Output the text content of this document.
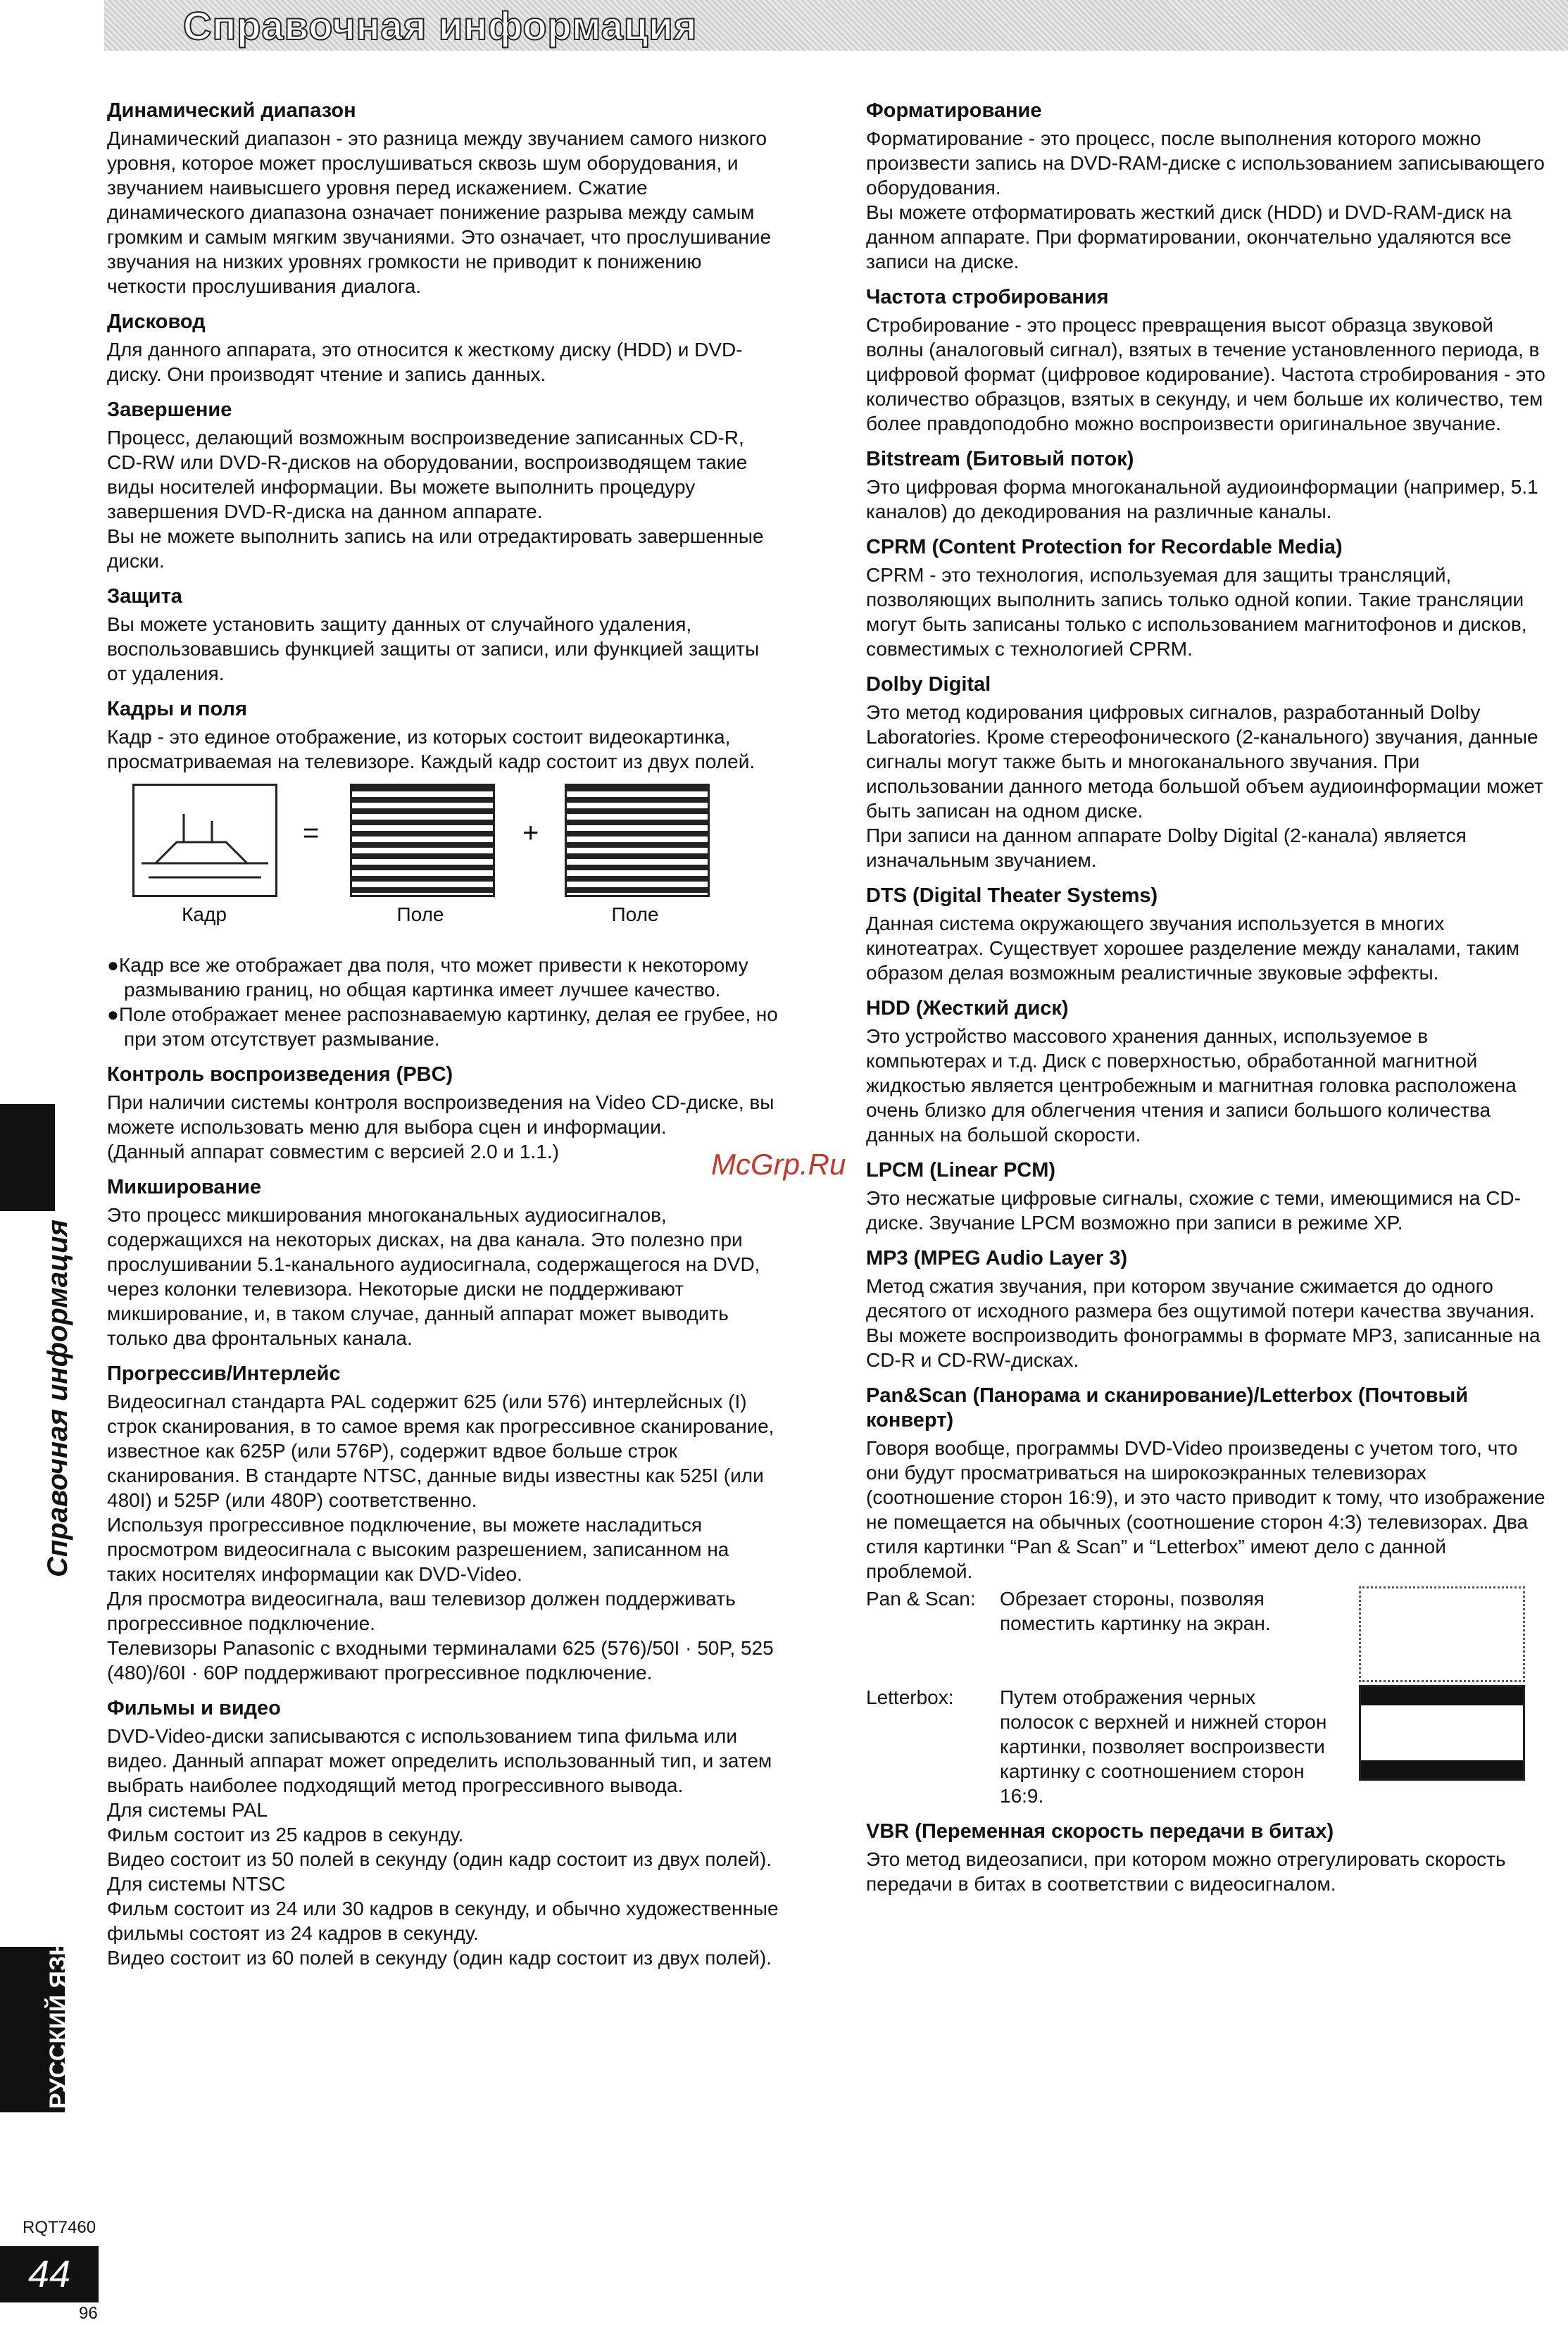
Справочная информация
Справочная информация
РУССКИЙ ЯЗЫК
RQT7460
44
96
McGrp.Ru
Динамический диапазон

Динамический диапазон - это разница между звучанием самого низкого уровня, которое может прослушиваться сквозь шум оборудования, и звучанием наивысшего уровня перед искажением. Сжатие динамического диапазона означает понижение разрыва между самым громким и самым мягким звучаниями. Это означает, что прослушивание звучания на низких уровнях громкости не приводит к понижению четкости прослушивания диалога.

Дисковод

Для данного аппарата, это относится к жесткому диску (HDD) и DVD-диску. Они производят чтение и запись данных.

Завершение

Процесс, делающий возможным воспроизведение записанных CD-R, CD-RW или DVD-R-дисков на оборудовании, воспроизводящем такие виды носителей информации. Вы можете выполнить процедуру завершения DVD-R-диска на данном аппарате.
Вы не можете выполнить запись на или отредактировать завершенные диски.

Защита

Вы можете установить защиту данных от случайного удаления, воспользовавшись функцией защиты от записи, или функцией защиты от удаления.

Кадры и поля

Кадр - это единое отображение, из которых состоит видеокартинка, просматриваемая на телевизоре. Каждый кадр состоит из двух полей.

=	+
Кадр	Поле	Поле
●Кадр все же отображает два поля, что может привести к некоторому размыванию границ, но общая картинка имеет лучшее качество.
●Поле отображает менее распознаваемую картинку, делая ее грубее, но при этом отсутствует размывание.
Контроль воспроизведения (PBC)

При наличии системы контроля воспроизведения на Video CD-диске, вы можете использовать меню для выбора сцен и информации.
(Данный аппарат совместим с версией 2.0 и 1.1.)

Микширование

Это процесс микширования многоканальных аудиосигналов, содержащихся на некоторых дисках, на два канала. Это полезно при прослушивании 5.1-канального аудиосигнала, содержащегося на DVD, через колонки телевизора. Некоторые диски не поддерживают микширование, и, в таком случае, данный аппарат может выводить только два фронтальных канала.

Прогрессив/Интерлейс

Видеосигнал стандарта PAL содержит 625 (или 576) интерлейсных (I) строк сканирования, в то самое время как прогрессивное сканирование, известное как 625P (или 576P), содержит вдвое больше строк сканирования. В стандарте NTSC, данные виды известны как 525I (или 480I) и 525P (или 480P) соответственно.
Используя прогрессивное подключение, вы можете насладиться просмотром видеосигнала с высоким разрешением, записанном на таких носителях информации как DVD-Video.
Для просмотра видеосигнала, ваш телевизор должен поддерживать прогрессивное подключение.
Телевизоры Panasonic с входными терминалами 625 (576)/50I · 50P, 525 (480)/60I · 60P поддерживают прогрессивное подключение.

Фильмы и видео

DVD-Video-диски записываются с использованием типа фильма или видео. Данный аппарат может определить использованный тип, и затем выбрать наиболее подходящий метод прогрессивного вывода.
Для системы PAL
Фильм состоит из 25 кадров в секунду.
Видео состоит из 50 полей в секунду (один кадр состоит из двух полей).
Для системы NTSC
Фильм состоит из 24 или 30 кадров в секунду, и обычно художественные фильмы состоят из 24 кадров в секунду.
Видео состоит из 60 полей в секунду (один кадр состоит из двух полей).

Форматирование

Форматирование - это процесс, после выполнения которого можно произвести запись на DVD-RAM-диске с использованием записывающего оборудования.
Вы можете отформатировать жесткий диск (HDD) и DVD-RAM-диск на данном аппарате. При форматировании, окончательно удаляются все записи на диске.

Частота стробирования

Стробирование - это процесс превращения высот образца звуковой волны (аналоговый сигнал), взятых в течение установленного периода, в цифровой формат (цифровое кодирование). Частота стробирования - это количество образцов, взятых в секунду, и чем больше их количество, тем более правдоподобно можно воспроизвести оригинальное звучание.

Bitstream (Битовый поток)

Это цифровая форма многоканальной аудиоинформации (например, 5.1 каналов) до декодирования на различные каналы.

CPRM (Content Protection for Recordable Media)

CPRM - это технология, используемая для защиты трансляций, позволяющих выполнить запись только одной копии. Такие трансляции могут быть записаны только с использованием магнитофонов и дисков, совместимых с технологией CPRM.

Dolby Digital

Это метод кодирования цифровых сигналов, разработанный Dolby Laboratories. Кроме стереофонического (2-канального) звучания, данные сигналы могут также быть и многоканального звучания. При использовании данного метода большой объем аудиоинформации может быть записан на одном диске.
При записи на данном аппарате Dolby Digital (2-канала) является изначальным звучанием.

DTS (Digital Theater Systems)

Данная система окружающего звучания используется в многих кинотеатрах. Существует хорошее разделение между каналами, таким образом делая возможным реалистичные звуковые эффекты.

HDD (Жесткий диск)

Это устройство массового хранения данных, используемое в компьютерах и т.д. Диск с поверхностью, обработанной магнитной жидкостью является центробежным и магнитная головка расположена очень близко для облегчения чтения и записи большого количества данных на большой скорости.

LPCM (Linear PCM)

Это несжатые цифровые сигналы, схожие с теми, имеющимися на CD-диске. Звучание LPCM возможно при записи в режиме XP.

MP3 (MPEG Audio Layer 3)

Метод сжатия звучания, при котором звучание сжимается до одного десятого от исходного размера без ощутимой потери качества звучания. Вы можете воспроизводить фонограммы в формате MP3, записанные на CD-R и CD-RW-дисках.

Pan&Scan (Панорама и сканирование)/Letterbox (Почтовый конверт)

Говоря вообще, программы DVD-Video произведены с учетом того, что они будут просматриваться на широкоэкранных телевизорах (соотношение сторон 16:9), и это часто приводит к тому, что изображение не помещается на обычных (соотношение сторон 4:3) телевизорах. Два стиля картинки “Pan & Scan” и “Letterbox” имеют дело с данной проблемой.

Pan & Scan:	Обрезает стороны, позволяя поместить картинку на экран.
Letterbox:	Путем отображения черных полосок с верхней и нижней сторон картинки, позволяет воспроизвести картинку с соотношением сторон 16:9.
VBR (Переменная скорость передачи в битах)

Это метод видеозаписи, при котором можно отрегулировать скорость передачи в битах в соответствии с видеосигналом.
